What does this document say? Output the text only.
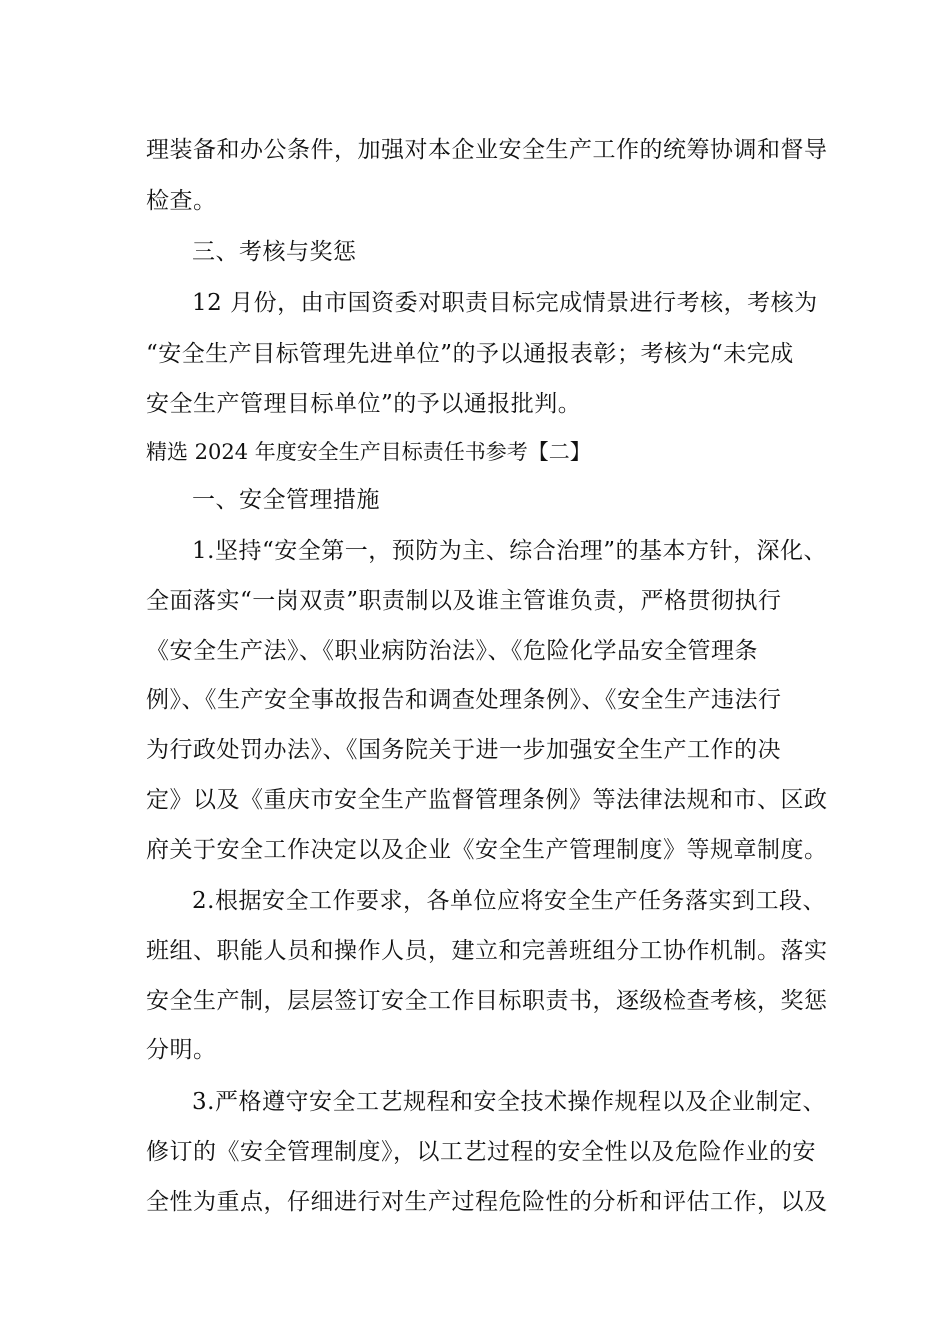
理装备和办公条件，加强对本企业安全生产工作的统筹协调和督导
检查。
三、考核与奖惩
12 月份，由市国资委对职责目标完成情景进行考核，考核为
“安全生产目标管理先进单位”的予以通报表彰；考核为“未完成
安全生产管理目标单位”的予以通报批判。
精选 2024 年度安全生产目标责任书参考【二】
一、安全管理措施
1.坚持“安全第一，预防为主、综合治理”的基本方针，深化、
全面落实“一岗双责”职责制以及谁主管谁负责，严格贯彻执行
《安全生产法》、《职业病防治法》、《危险化学品安全管理条
例》、《生产安全事故报告和调查处理条例》、《安全生产违法行
为行政处罚办法》、《国务院关于进一步加强安全生产工作的决
定》以及《重庆市安全生产监督管理条例》等法律法规和市、区政
府关于安全工作决定以及企业《安全生产管理制度》等规章制度。
2.根据安全工作要求，各单位应将安全生产任务落实到工段、
班组、职能人员和操作人员，建立和完善班组分工协作机制。落实
安全生产制，层层签订安全工作目标职责书，逐级检查考核，奖惩
分明。
3.严格遵守安全工艺规程和安全技术操作规程以及企业制定、
修订的《安全管理制度》，以工艺过程的安全性以及危险作业的安
全性为重点，仔细进行对生产过程危险性的分析和评估工作，以及
